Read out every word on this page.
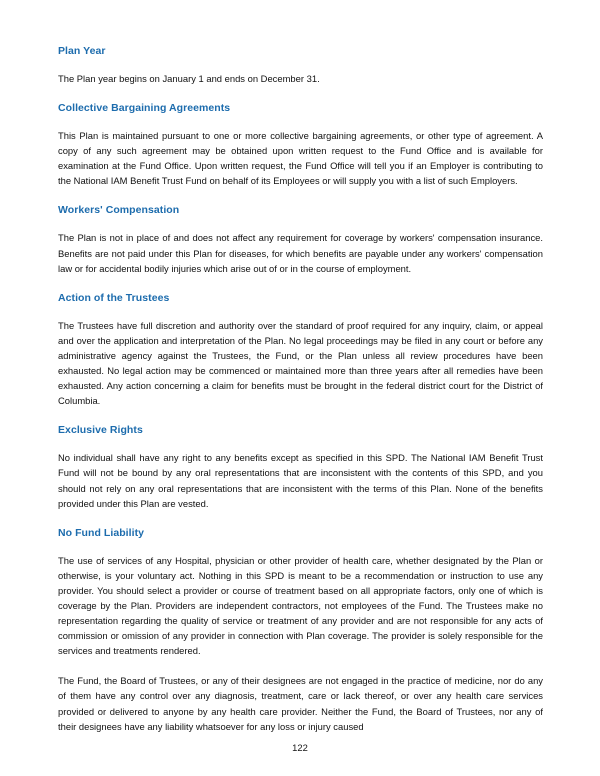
Plan Year

The Plan year begins on January 1 and ends on December 31.

Collective Bargaining Agreements

This Plan is maintained pursuant to one or more collective bargaining agreements, or other type of agreement. A copy of any such agreement may be obtained upon written request to the Fund Office and is available for examination at the Fund Office. Upon written request, the Fund Office will tell you if an Employer is contributing to the National IAM Benefit Trust Fund on behalf of its Employees or will supply you with a list of such Employers.

Workers' Compensation

The Plan is not in place of and does not affect any requirement for coverage by workers' compensation insurance. Benefits are not paid under this Plan for diseases, for which benefits are payable under any workers' compensation law or for accidental bodily injuries which arise out of or in the course of employment.

Action of the Trustees

The Trustees have full discretion and authority over the standard of proof required for any inquiry, claim, or appeal and over the application and interpretation of the Plan. No legal proceedings may be filed in any court or before any administrative agency against the Trustees, the Fund, or the Plan unless all review procedures have been exhausted. No legal action may be commenced or maintained more than three years after all remedies have been exhausted. Any action concerning a claim for benefits must be brought in the federal district court for the District of Columbia.

Exclusive Rights

No individual shall have any right to any benefits except as specified in this SPD. The National IAM Benefit Trust Fund will not be bound by any oral representations that are inconsistent with the contents of this SPD, and you should not rely on any oral representations that are inconsistent with the terms of this Plan. None of the benefits provided under this Plan are vested.

No Fund Liability

The use of services of any Hospital, physician or other provider of health care, whether designated by the Plan or otherwise, is your voluntary act. Nothing in this SPD is meant to be a recommendation or instruction to use any provider. You should select a provider or course of treatment based on all appropriate factors, only one of which is coverage by the Plan. Providers are independent contractors, not employees of the Fund. The Trustees make no representation regarding the quality of service or treatment of any provider and are not responsible for any acts of commission or omission of any provider in connection with Plan coverage. The provider is solely responsible for the services and treatments rendered.

The Fund, the Board of Trustees, or any of their designees are not engaged in the practice of medicine, nor do any of them have any control over any diagnosis, treatment, care or lack thereof, or over any health care services provided or delivered to anyone by any health care provider. Neither the Fund, the Board of Trustees, nor any of their designees have any liability whatsoever for any loss or injury caused

122
